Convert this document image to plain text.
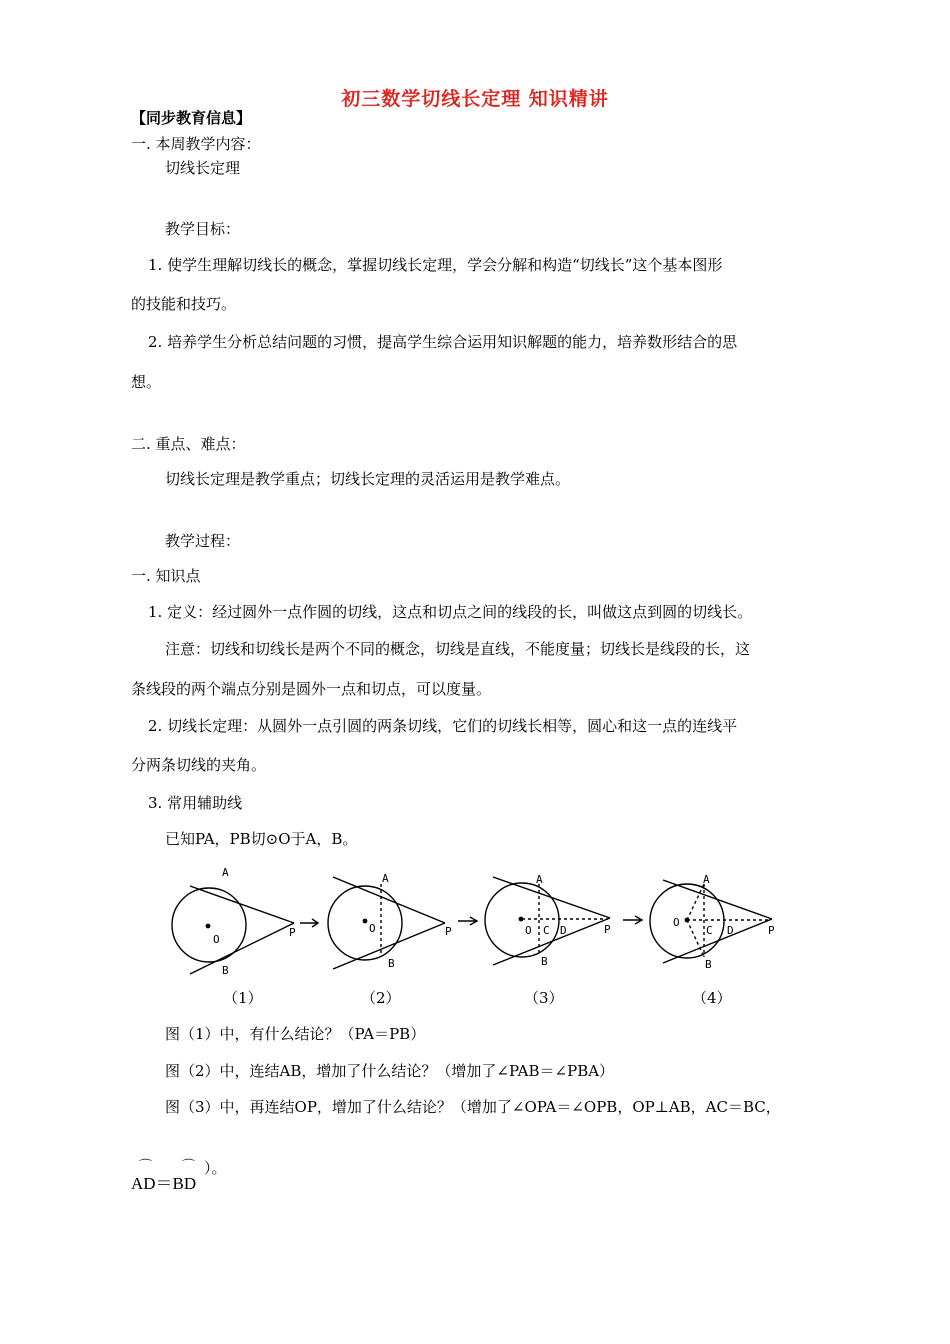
初三数学切线长定理 知识精讲
【同步教育信息】
一. 本周教学内容：
切线长定理
教学目标：
1. 使学生理解切线长的概念，掌握切线长定理，学会分解和构造“切线长”这个基本图形
的技能和技巧。
2. 培养学生分析总结问题的习惯，提高学生综合运用知识解题的能力，培养数形结合的思
想。
二. 重点、难点：
切线长定理是教学重点；切线长定理的灵活运用是教学难点。
教学过程：
一. 知识点
1. 定义：经过圆外一点作圆的切线，这点和切点之间的线段的长，叫做这点到圆的切线长。
注意：切线和切线长是两个不同的概念，切线是直线，不能度量；切线长是线段的长，这
条线段的两个端点分别是圆外一点和切点，可以度量。
2. 切线长定理：从圆外一点引圆的两条切线，它们的切线长相等，圆心和这一点的连线平
分两条切线的夹角。
3. 常用辅助线
已知PA，PB切⊙O于A，B。
A
B
O
P
A
B
O	P
A
B
O C D	P
A
B
O
C D	P
（1）	（2）	（3）	（4）
图（1）中，有什么结论？（PA＝PB）
图（2）中，连结AB，增加了什么结论？（增加了∠PAB＝∠PBA）
图（3）中，再连结OP，增加了什么结论？（增加了∠OPA＝∠OPB，OP⊥AB，AC＝BC，
⌒ ⌒ ）。
AD＝BD
